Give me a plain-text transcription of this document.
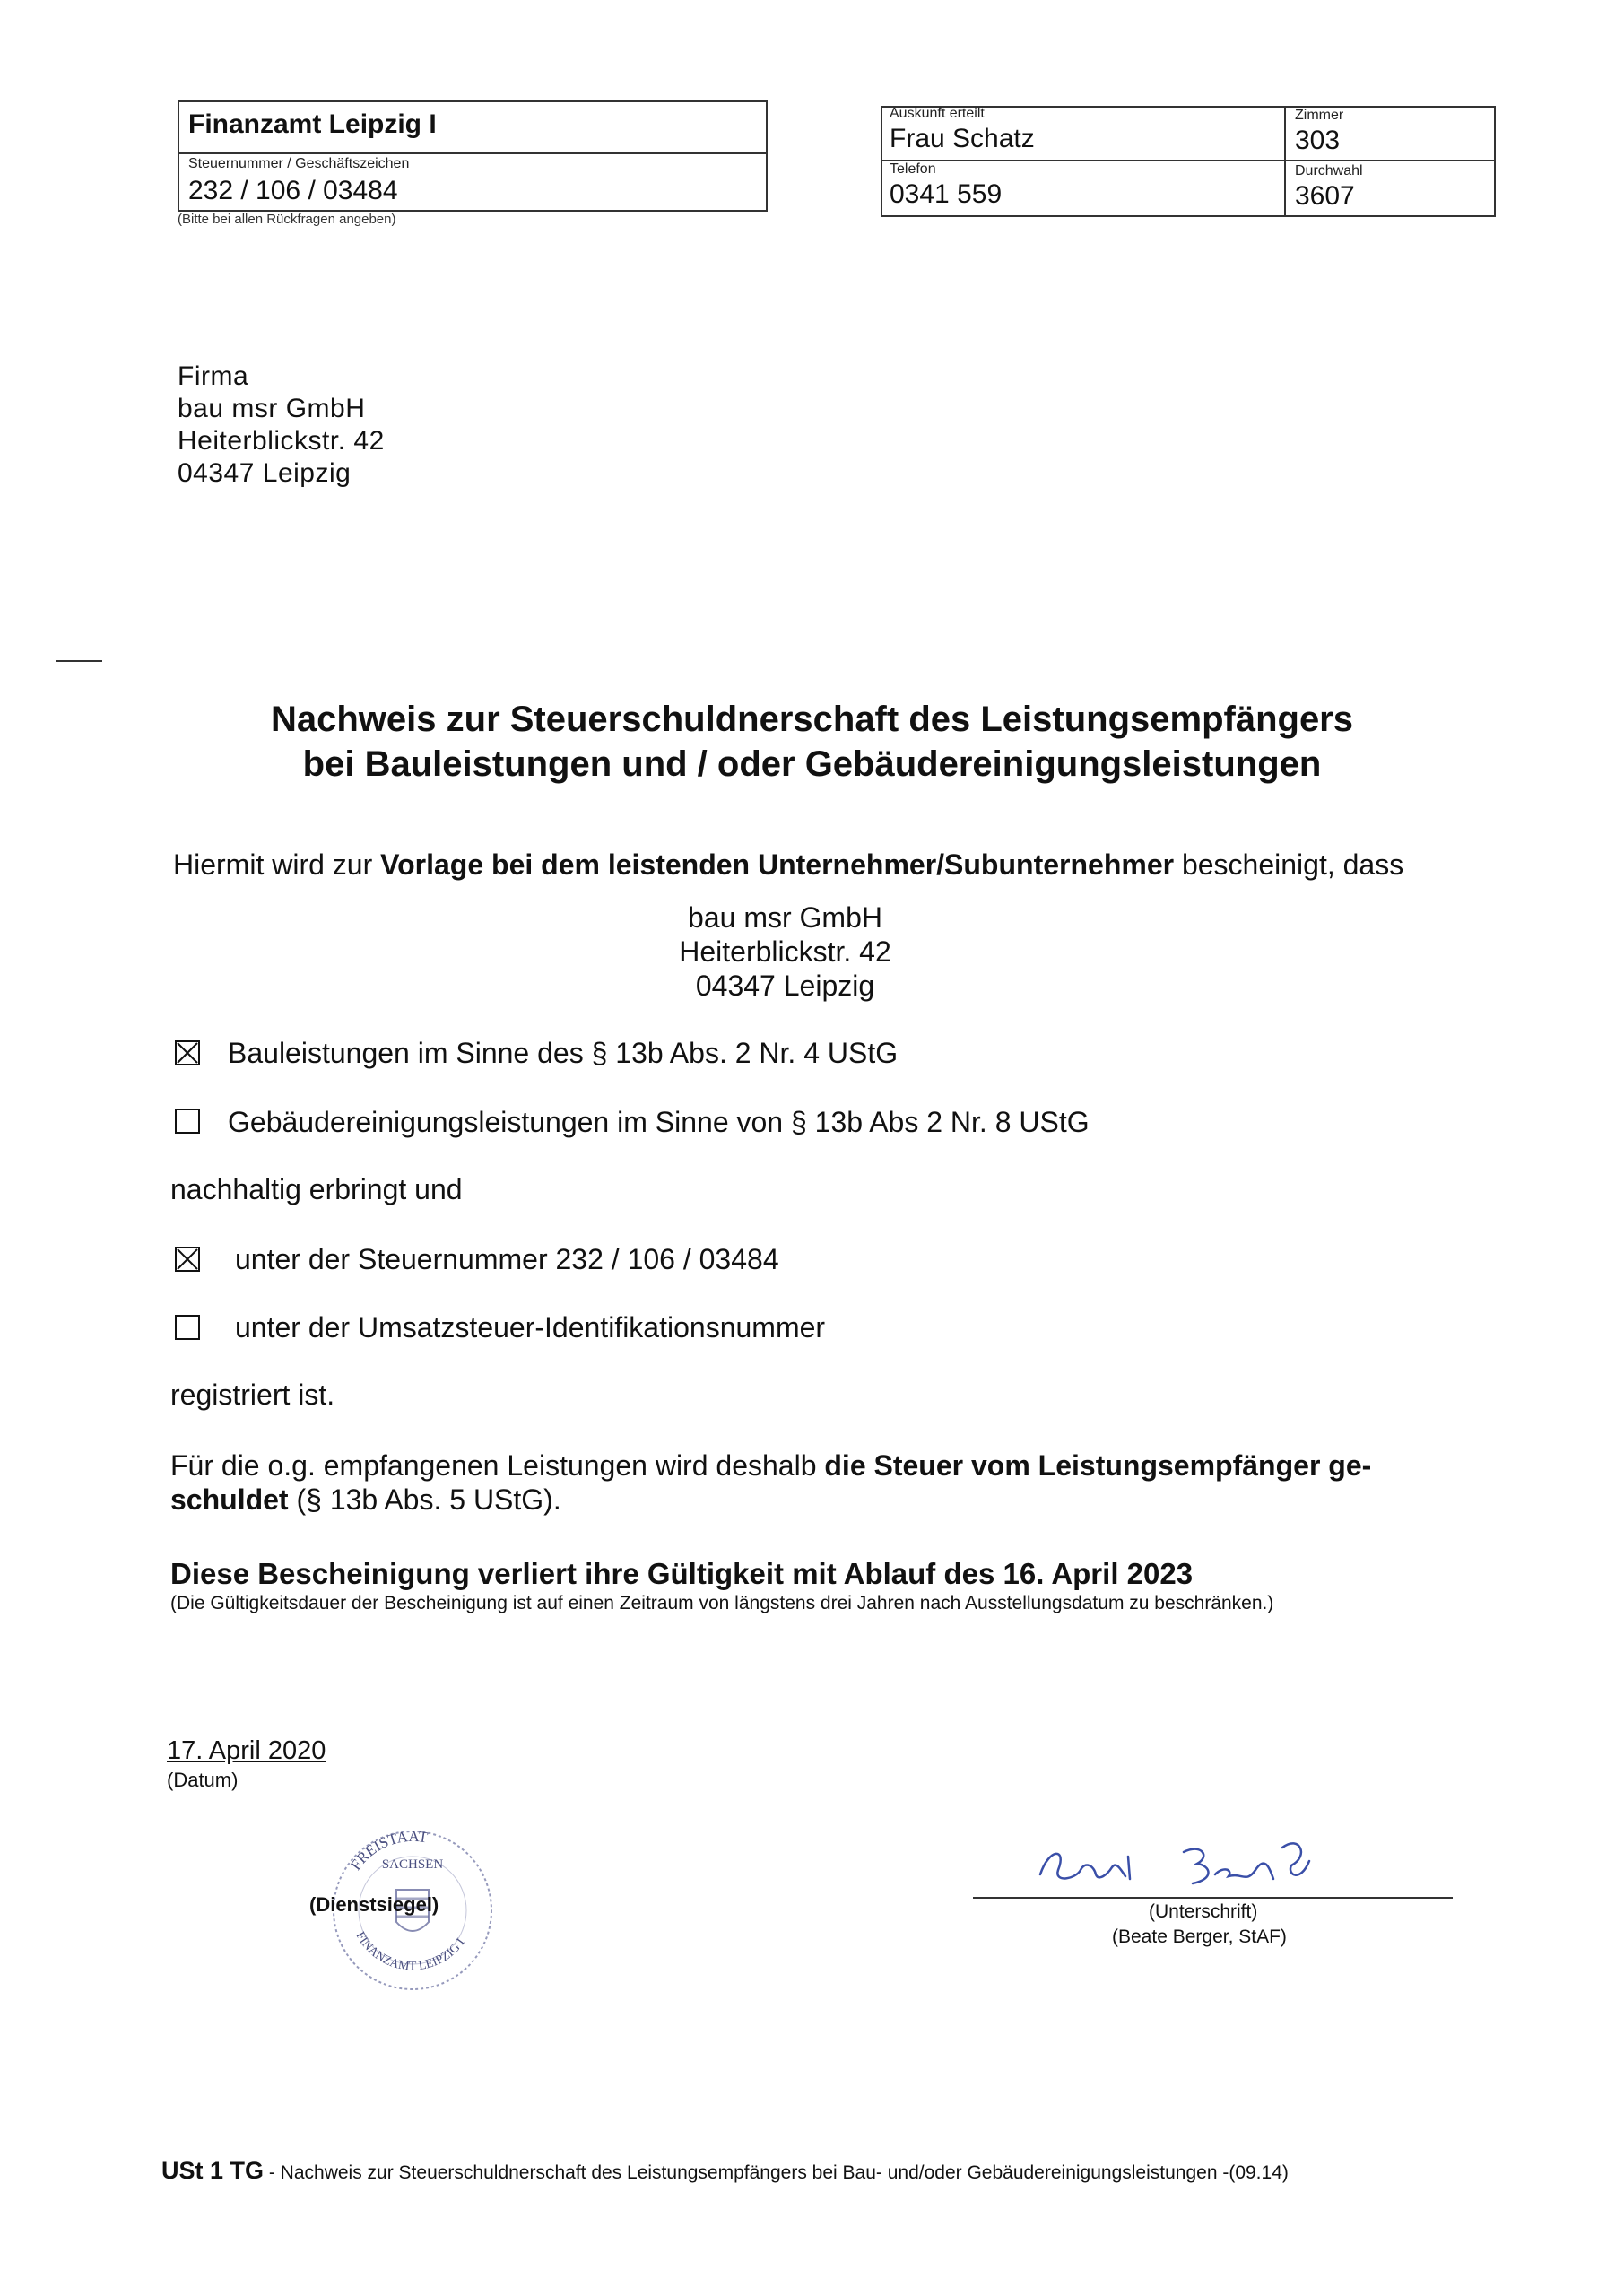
Finanzamt Leipzig I
Steuernummer / Geschäftszeichen
232 / 106 / 03484
(Bitte bei allen Rückfragen angeben)
Auskunft erteilt
Frau Schatz
Zimmer
303
Telefon
0341 559
Durchwahl
3607
Firma
bau msr GmbH
Heiterblickstr. 42
04347 Leipzig
Nachweis zur Steuerschuldnerschaft des Leistungsempfängers
bei Bauleistungen und / oder Gebäudereinigungsleistungen
Hiermit wird zur Vorlage bei dem leistenden Unternehmer/Subunternehmer bescheinigt, dass
bau msr GmbH
Heiterblickstr. 42
04347 Leipzig
Bauleistungen im Sinne des § 13b Abs. 2 Nr. 4 UStG
Gebäudereinigungsleistungen im Sinne von § 13b Abs 2 Nr. 8 UStG
nachhaltig erbringt und
unter der Steuernummer 232 / 106 / 03484
unter der Umsatzsteuer-Identifikationsnummer
registriert ist.
Für die o.g. empfangenen Leistungen wird deshalb die Steuer vom Leistungsempfänger ge-
schuldet (§ 13b Abs. 5 UStG).
Diese Bescheinigung verliert ihre Gültigkeit mit Ablauf des 16. April 2023
(Die Gültigkeitsdauer der Bescheinigung ist auf einen Zeitraum von längstens drei Jahren nach Ausstellungsdatum zu beschränken.)
17. April 2020
(Datum)
FREISTAAT
SACHSEN
FINANZAMT LEIPZIG I
(Dienstsiegel)	(Unterschrift)
(Beate Berger, StAF)
USt 1 TG - Nachweis zur Steuerschuldnerschaft des Leistungsempfängers bei Bau- und/oder Gebäudereinigungsleistungen -(09.14)
